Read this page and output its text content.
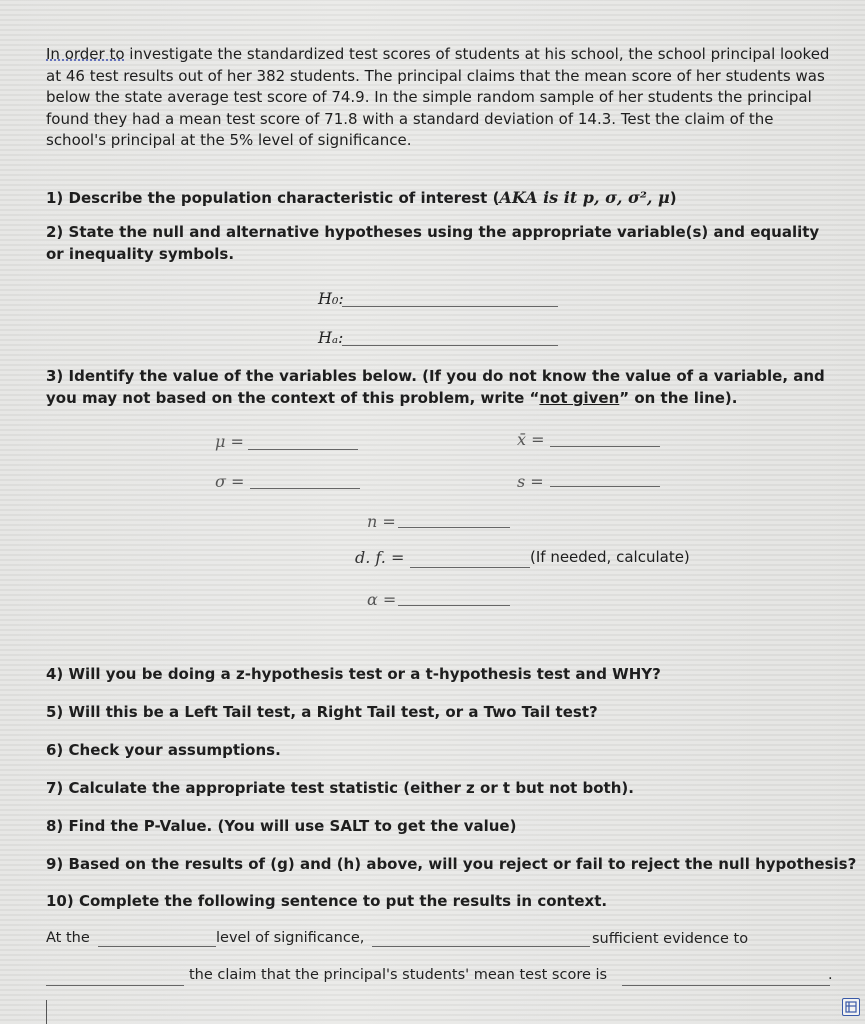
In order to investigate the standardized test scores of students at his school, the school principal looked at 46 test results out of her 382 students. The principal claims that the mean score of her students was below the state average test score of 74.9. In the simple random sample of her students the principal found they had a mean test score of 71.8 with a standard deviation of 14.3. Test the claim of the school's principal at the 5% level of significance.
1) Describe the population characteristic of interest (AKA is it p, σ, σ², μ)
2) State the null and alternative hypotheses using the appropriate variable(s) and equality or inequality symbols.
H₀:
Hₐ:
3) Identify the value of the variables below. (If you do not know the value of a variable, and you may not based on the context of this problem, write “not given” on the line).
μ =	x̄ =
σ =	s =
n =
d. f. =	(If needed, calculate)
α =
4) Will you be doing a z-hypothesis test or a t-hypothesis test and WHY?
5) Will this be a Left Tail test, a Right Tail test, or a Two Tail test?
6) Check your assumptions.
7) Calculate the appropriate test statistic (either z or t but not both).
8) Find the P-Value. (You will use SALT to get the value)
9) Based on the results of (g) and (h) above, will you reject or fail to reject the null hypothesis?
10) Complete the following sentence to put the results in context.
At the	level of significance,	sufficient evidence to
the claim that the principal's students' mean test score is	.
